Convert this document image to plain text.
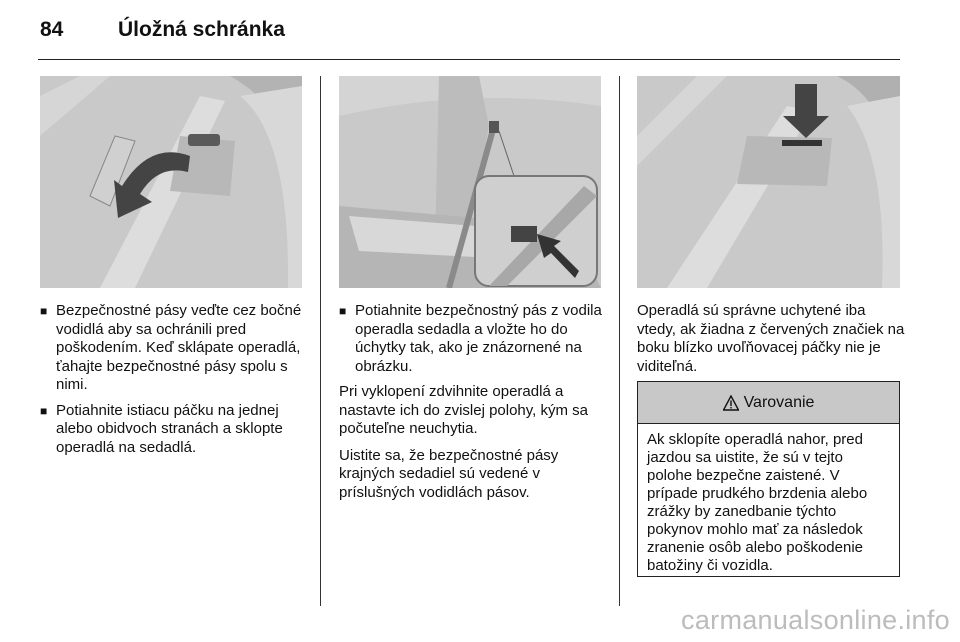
84	Úložná schránka
■ Bezpečnostné pásy veďte cez bočné vodidlá aby sa ochránili pred poškodením. Keď sklápate operadlá, ťahajte bezpečnostné pásy spolu s nimi.
■ Potiahnite istiacu páčku na jednej alebo obidvoch stranách a sklopte operadlá na sedadlá.
■ Potiahnite bezpečnostný pás z vodila operadla sedadla a vložte ho do úchytky tak, ako je znázornené na obrázku.

Pri vyklopení zdvihnite operadlá a nastavte ich do zvislej polohy, kým sa počuteľne neuchytia.

Uistite sa, že bezpečnostné pásy krajných sedadiel sú vedené v príslušných vodidlách pásov.

Operadlá sú správne uchytené iba vtedy, ak žiadna z červených značiek na boku blízko uvoľňovacej páčky nie je viditeľná.

Varovanie
Ak sklopíte operadlá nahor, pred jazdou sa uistite, že sú v tejto polohe bezpečne zaistené. V prípade prudkého brzdenia alebo zrážky by zanedbanie týchto pokynov mohlo mať za následok zranenie osôb alebo poškodenie batožiny či vozidla.
carmanualsonline.info
